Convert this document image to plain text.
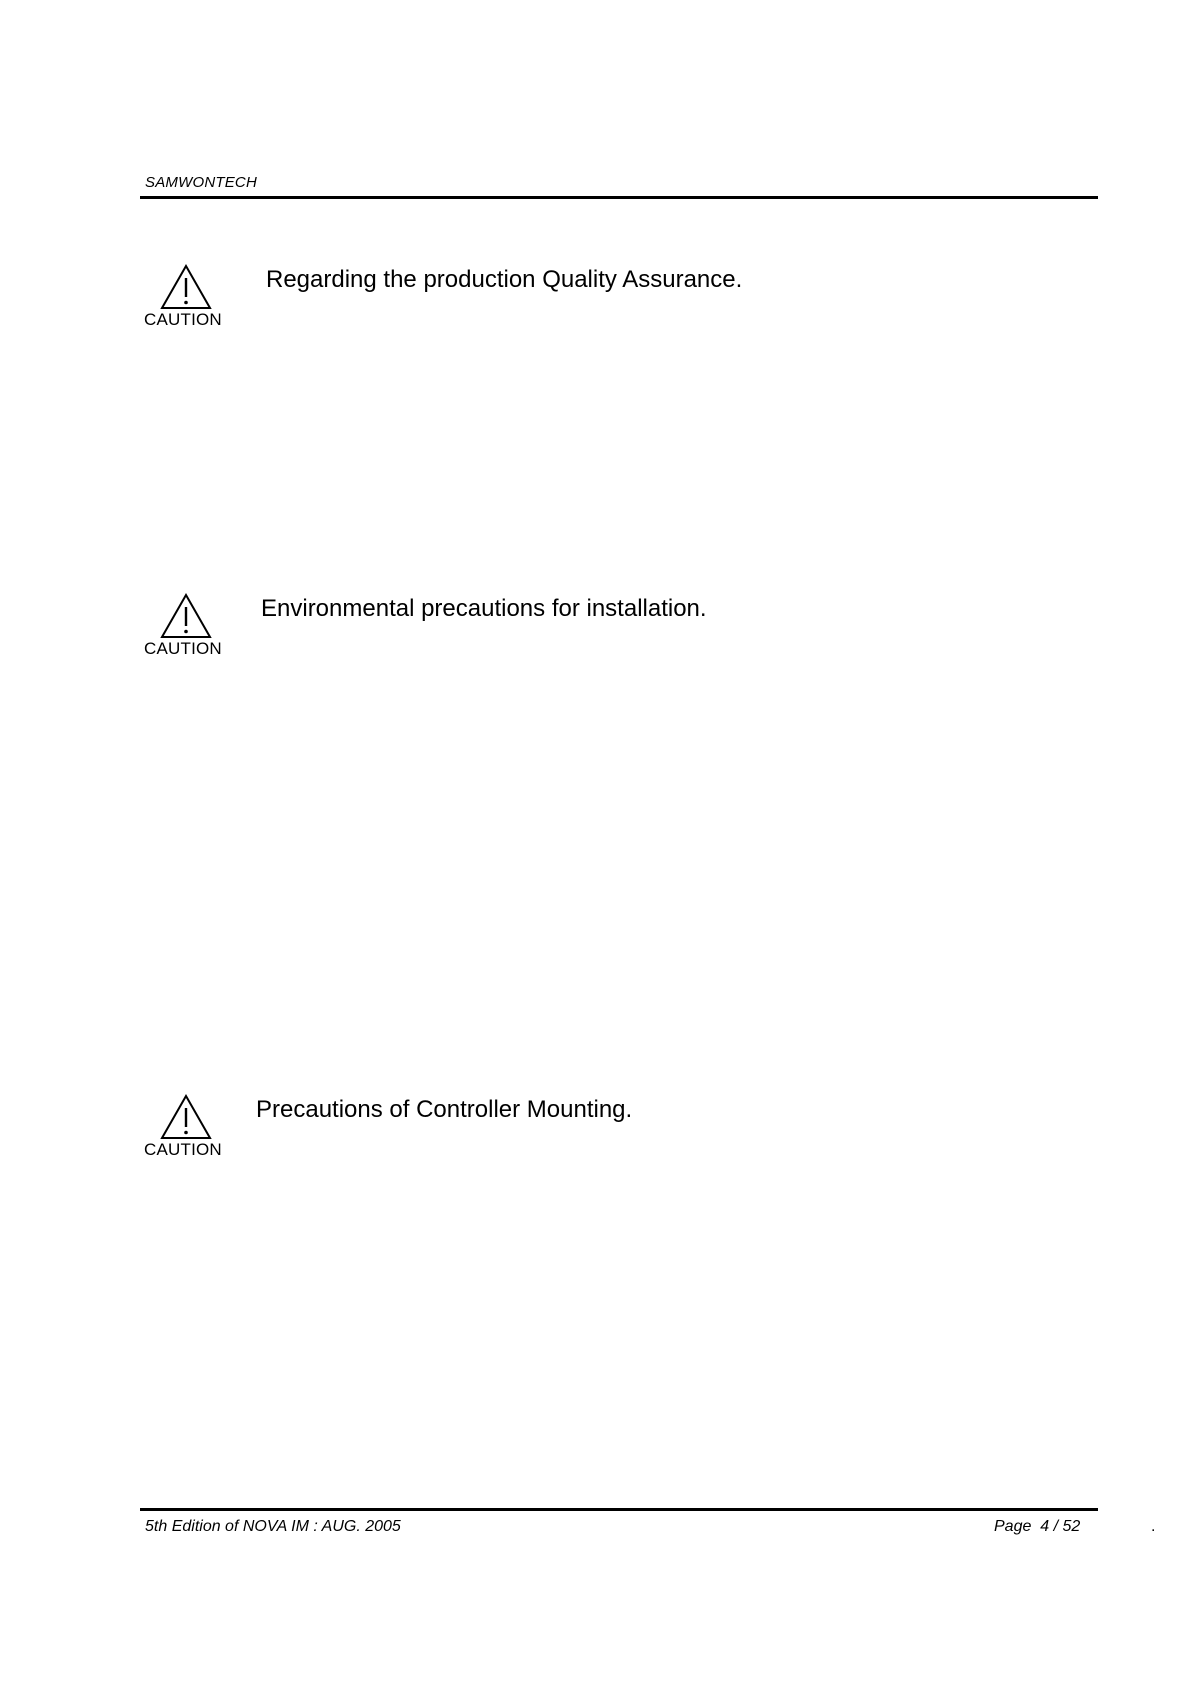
SAMWONTECH
CAUTION
Regarding the production Quality Assurance.
CAUTION
Environmental precautions for installation.
CAUTION
Precautions of Controller Mounting.
5th Edition of NOVA IM : AUG. 2005	Page  4 / 52	.
